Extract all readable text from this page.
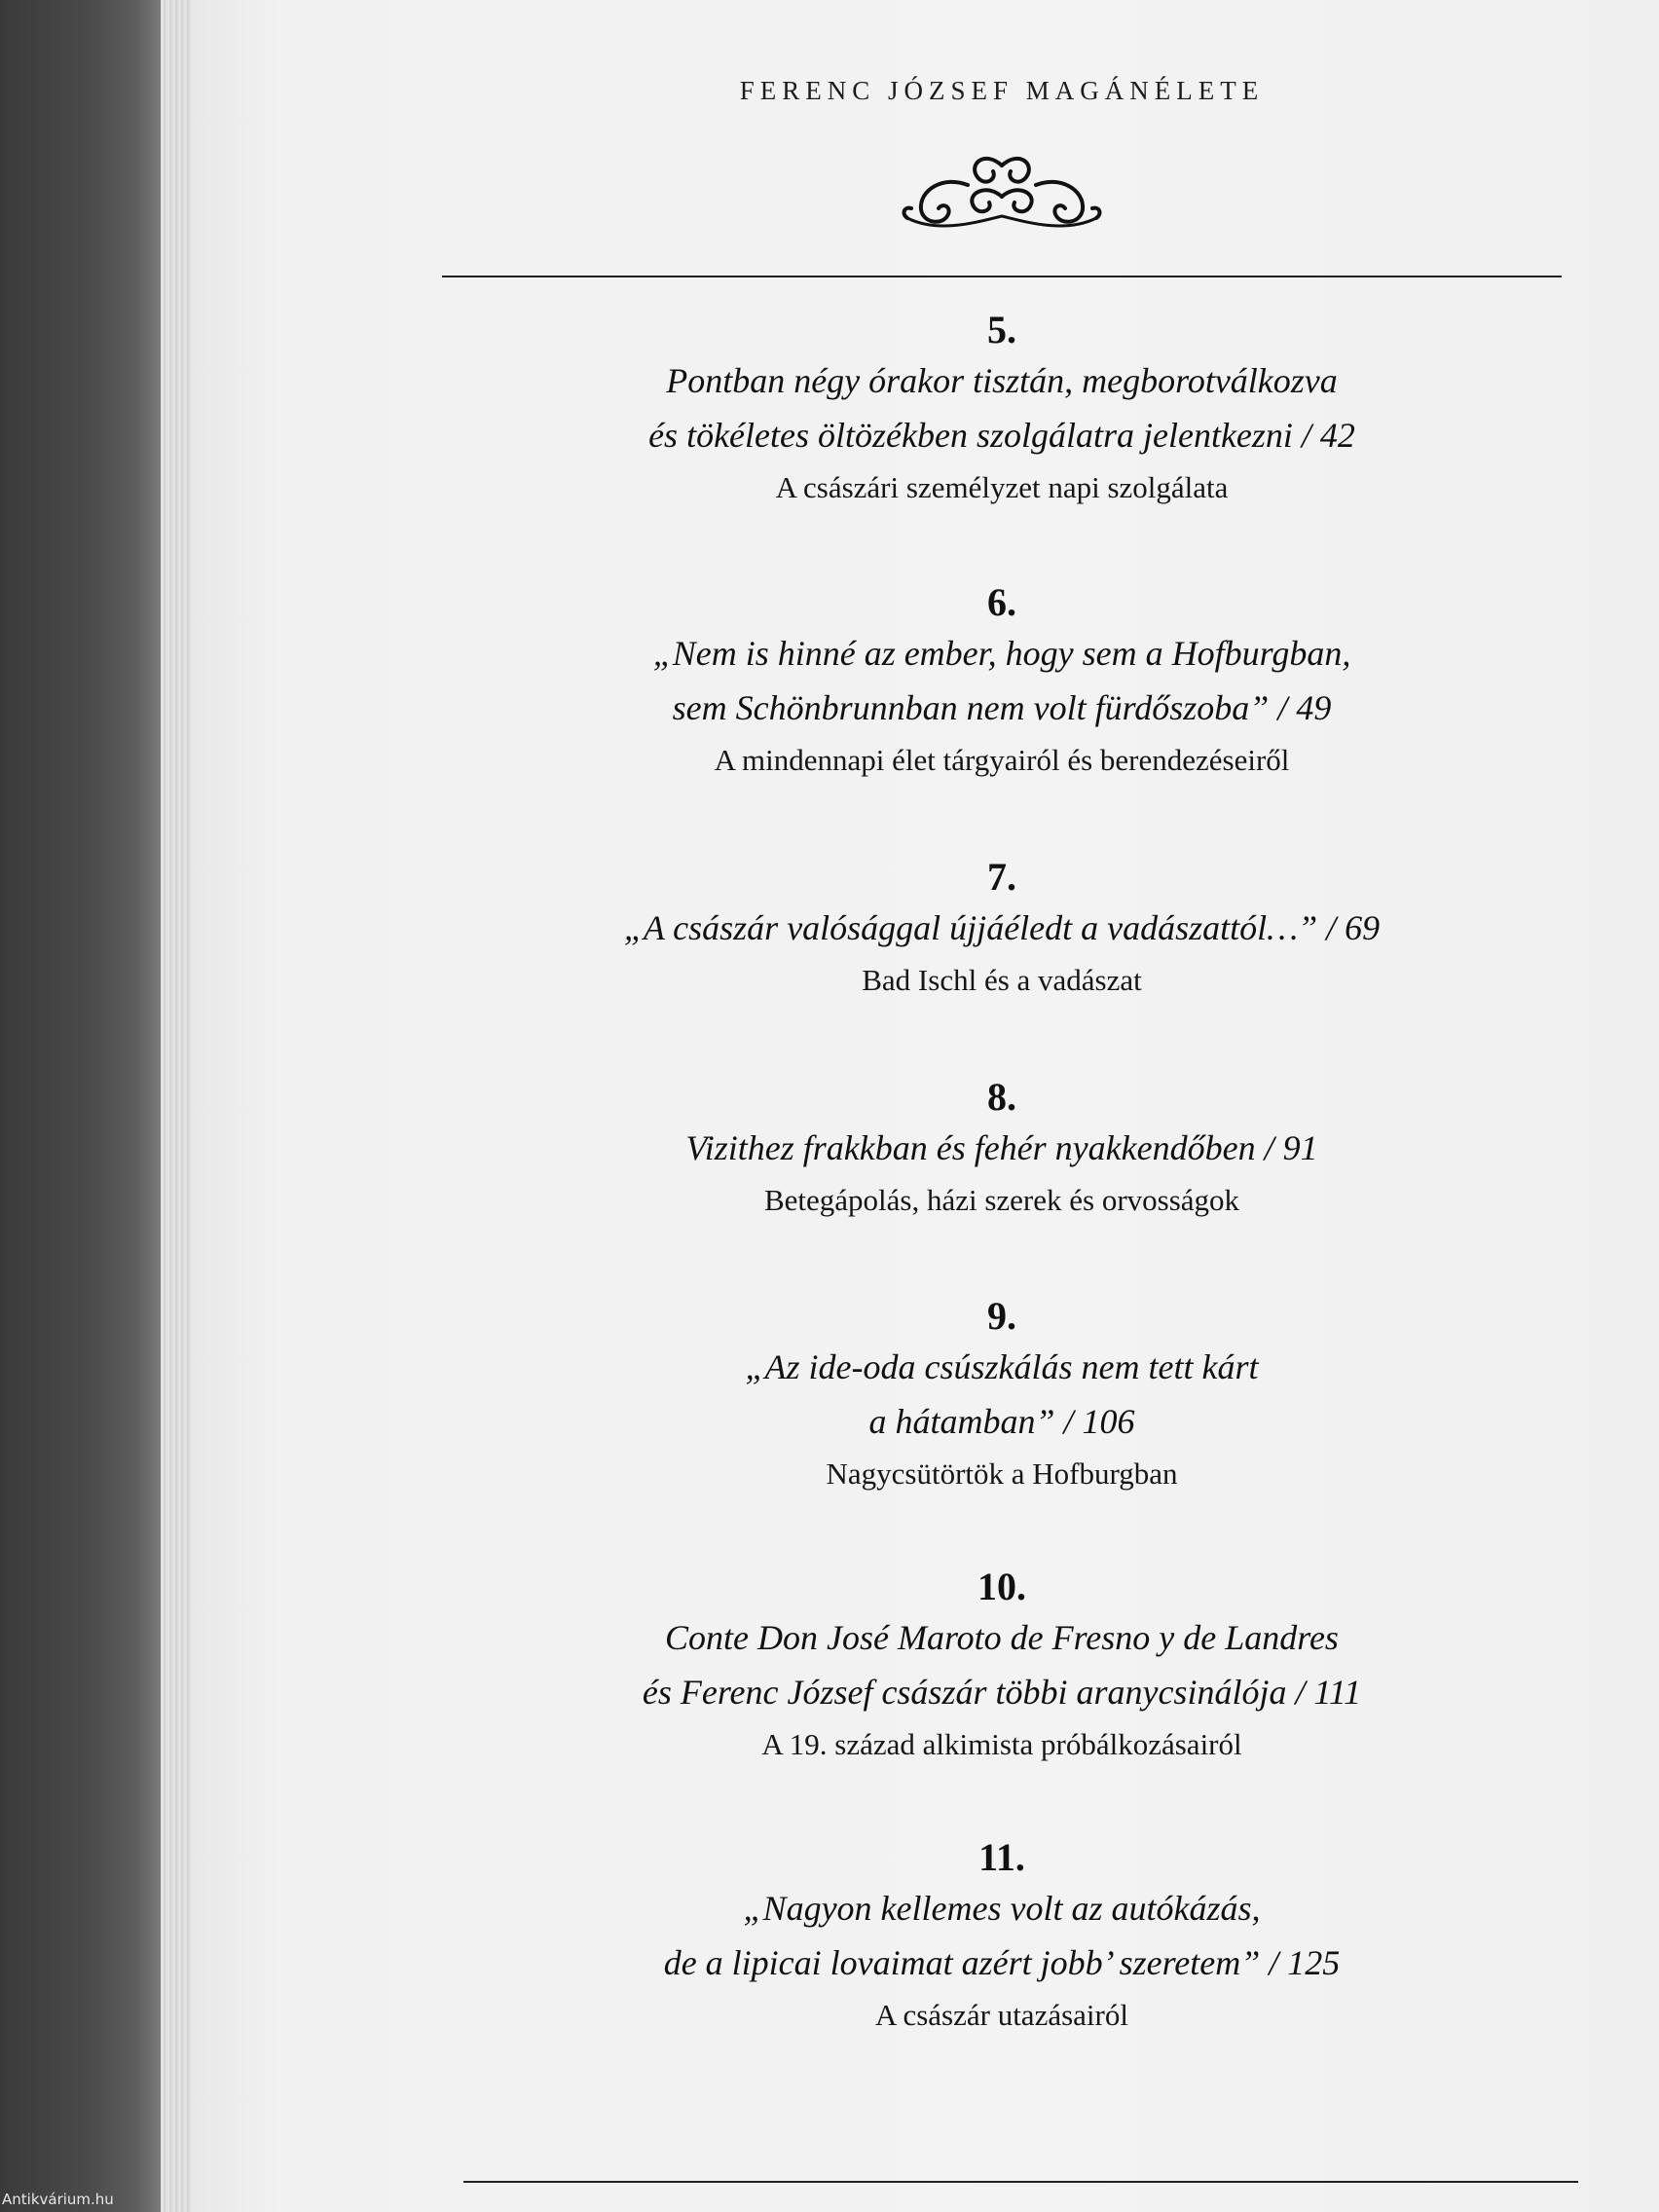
FERENC JÓZSEF MAGÁNÉLETE
5.
Pontban négy órakor tisztán, megborotválkozva
és tökéletes öltözékben szolgálatra jelentkezni / 42
A császári személyzet napi szolgálata
6.
„Nem is hinné az ember, hogy sem a Hofburgban,
sem Schönbrunnban nem volt fürdőszoba” / 49
A mindennapi élet tárgyairól és berendezéseiről
7.
„A császár valósággal újjáéledt a vadászattól…” / 69
Bad Ischl és a vadászat
8.
Vizithez frakkban és fehér nyakkendőben / 91
Betegápolás, házi szerek és orvosságok
9.
„Az ide-oda csúszkálás nem tett kárt
a hátamban” / 106
Nagycsütörtök a Hofburgban
10.
Conte Don José Maroto de Fresno y de Landres
és Ferenc József császár többi aranycsinálója / 111
A 19. század alkimista próbálkozásairól
11.
„Nagyon kellemes volt az autókázás,
de a lipicai lovaimat azért jobb’ szeretem” / 125
A császár utazásairól
Antikvárium.hu
